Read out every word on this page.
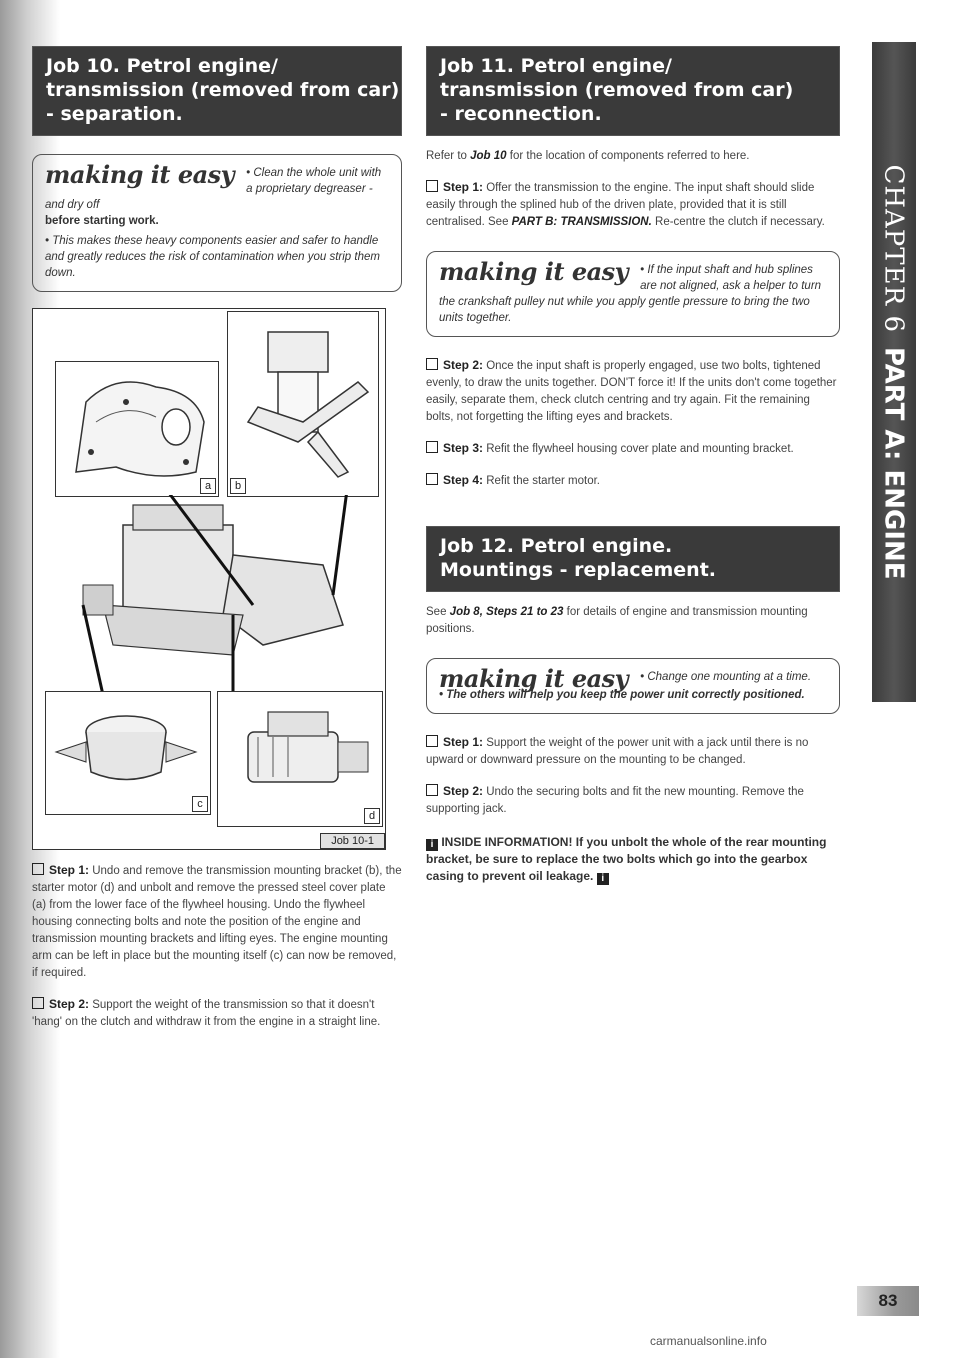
Job 10. Petrol engine/
transmission (removed from car)
- separation.
making it easy	• Clean the whole unit with a proprietary degreaser - and dry off

before starting work.

• This makes these heavy components easier and safer to handle and greatly reduces the risk of contamination when you strip them down.

a	b
c
d
Job 10-1

Step 1: Undo and remove the transmission mounting bracket (b), the starter motor (d) and unbolt and remove the pressed steel cover plate (a) from the lower face of the flywheel housing. Undo the flywheel housing connecting bolts and note the position of the engine and transmission mounting brackets and lifting eyes. The engine mounting arm can be left in place but the mounting itself (c) can now be removed, if required.

Step 2: Support the weight of the transmission so that it doesn't 'hang' on the clutch and withdraw it from the engine in a straight line.

Job 11. Petrol engine/
transmission (removed from car)
- reconnection.

Refer to Job 10 for the location of components referred to here.

Step 1: Offer the transmission to the engine. The input shaft should slide easily through the splined hub of the driven plate, provided that it is still centralised. See PART B: TRANSMISSION. Re-centre the clutch if necessary.

making it easy	• If the input shaft and hub splines are not aligned, ask a helper to turn the crankshaft pulley nut while you apply gentle pressure to bring the two units together.

Step 2: Once the input shaft is properly engaged, use two bolts, tightened evenly, to draw the units together. DON'T force it! If the units don't come together easily, separate them, check clutch centring and try again. Fit the remaining bolts, not forgetting the lifting eyes and brackets.

Step 3: Refit the flywheel housing cover plate and mounting bracket.

Step 4: Refit the starter motor.

Job 12. Petrol engine.
Mountings - replacement.

See Job 8, Steps 21 to 23 for details of engine and transmission mounting positions.

making it easy	• Change one mounting at a time.

• The others will help you keep the power unit correctly positioned.

Step 1: Support the weight of the power unit with a jack until there is no upward or downward pressure on the mounting to be changed.

Step 2: Undo the securing bolts and fit the new mounting. Remove the supporting jack.

i INSIDE INFORMATION! If you unbolt the whole of the rear mounting bracket, be sure to replace the two bolts which go into the gearbox casing to prevent oil leakage. i

CHAPTER 6PART A: ENGINE
83
carmanualsonline.info
